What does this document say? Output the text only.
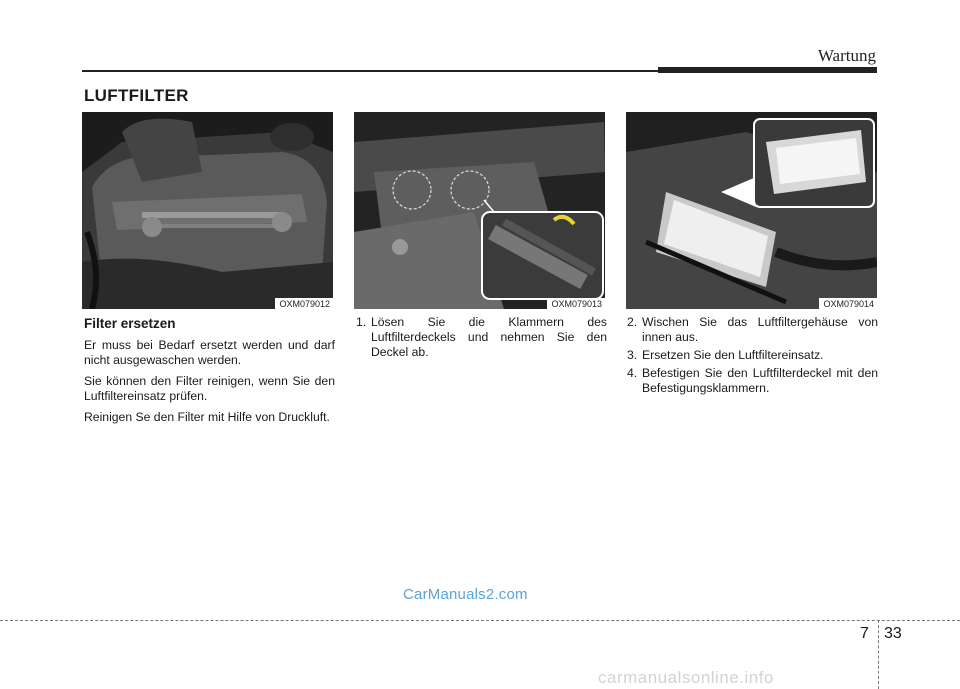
Wartung
LUFTFILTER
OXM079012	OXM079013	OXM079014
Filter ersetzen
Er muss bei Bedarf ersetzt werden und darf nicht ausgewaschen werden.
Sie können den Filter reinigen, wenn Sie den Luftfiltereinsatz prüfen.
Reinigen Se den Filter mit Hilfe von Druckluft.
1. Lösen Sie die Klammern des Luftfilterdeckels und nehmen Sie den Deckel ab.
2. Wischen Sie das Luftfiltergehäuse von innen aus.
3. Ersetzen Sie den Luftfiltereinsatz.
4. Befestigen Sie den Luftfilterdeckel mit den Befestigungsklammern.
CarManuals2.com
7 33
carmanualsonline.info
